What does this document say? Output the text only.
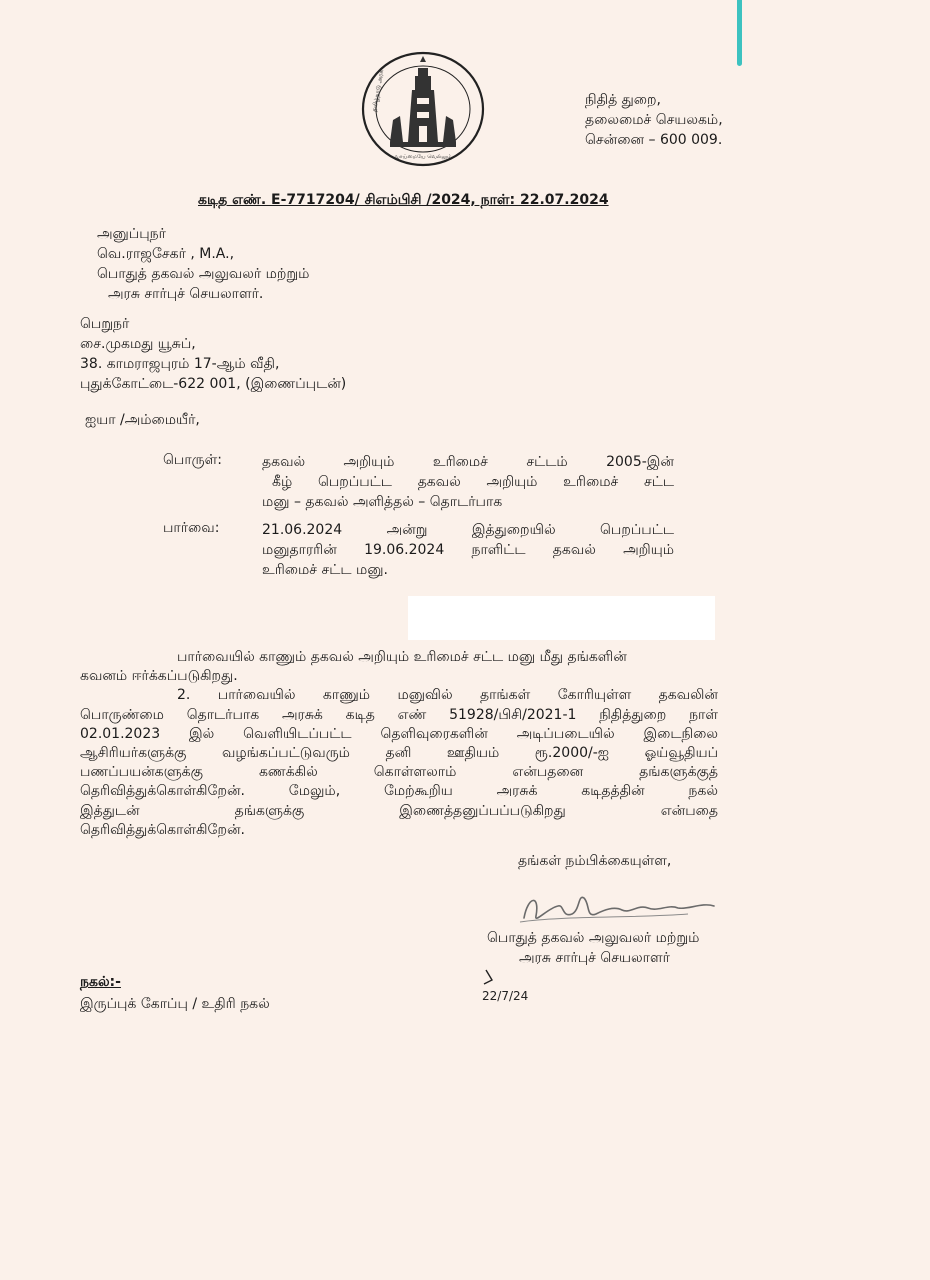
வாய்மையே வெல்லும்
தமிழ்நாடு அரசு	நிதித் துறை,
தலைமைச் செயலகம்,
சென்னை – 600 009.
கடித எண். E-7717204/ சிஎம்பிசி /2024, நாள்: 22.07.2024
அனுப்புநர்
வெ.ராஜசேகர் , M.A.,
பொதுத் தகவல் அலுவலர் மற்றும்
அரசு சார்புச் செயலாளர்.
பெறுநர்
சை.முகமது யூசுப்,
38. காமராஜபுரம் 17-ஆம் வீதி,
புதுக்கோட்டை-622 001, (இணைப்புடன்)
ஐயா /அம்மையீர்,
பொருள்:	தகவல் அறியும் உரிமைச் சட்டம் 2005-இன்
கீழ் பெறப்பட்ட தகவல் அறியும் உரிமைச் சட்ட
மனு – தகவல் அளித்தல் – தொடர்பாக
பார்வை:	21.06.2024 அன்று இத்துறையில் பெறப்பட்ட
மனுதாரரின் 19.06.2024 நாளிட்ட தகவல் அறியும்
உரிமைச் சட்ட மனு.
பார்வையில் காணும் தகவல் அறியும் உரிமைச் சட்ட மனு மீது தங்களின்
கவனம் ஈர்க்கப்படுகிறது.
2. பார்வையில் காணும் மனுவில் தாங்கள் கோரியுள்ள தகவலின்
பொருண்மை தொடர்பாக அரசுக் கடித எண் 51928/பிசி/2021-1 நிதித்துறை நாள்
02.01.2023 இல் வெளியிடப்பட்ட தெளிவுரைகளின் அடிப்படையில் இடைநிலை
ஆசிரியர்களுக்கு வழங்கப்பட்டுவரும் தனி ஊதியம் ரூ.2000/-ஐ ஓய்வூதியப்
பணப்பயன்களுக்கு கணக்கில் கொள்ளலாம் என்பதனை தங்களுக்குத்
தெரிவித்துக்கொள்கிறேன். மேலும், மேற்கூறிய அரசுக் கடிதத்தின் நகல்
இத்துடன் தங்களுக்கு இணைத்தனுப்பப்படுகிறது என்பதை
தெரிவித்துக்கொள்கிறேன்.
தங்கள் நம்பிக்கையுள்ள,
பொதுத் தகவல் அலுவலர் மற்றும்
அரசு சார்புச் செயலாளர்
22/7/24
நகல்:-
இருப்புக் கோப்பு / உதிரி நகல்
